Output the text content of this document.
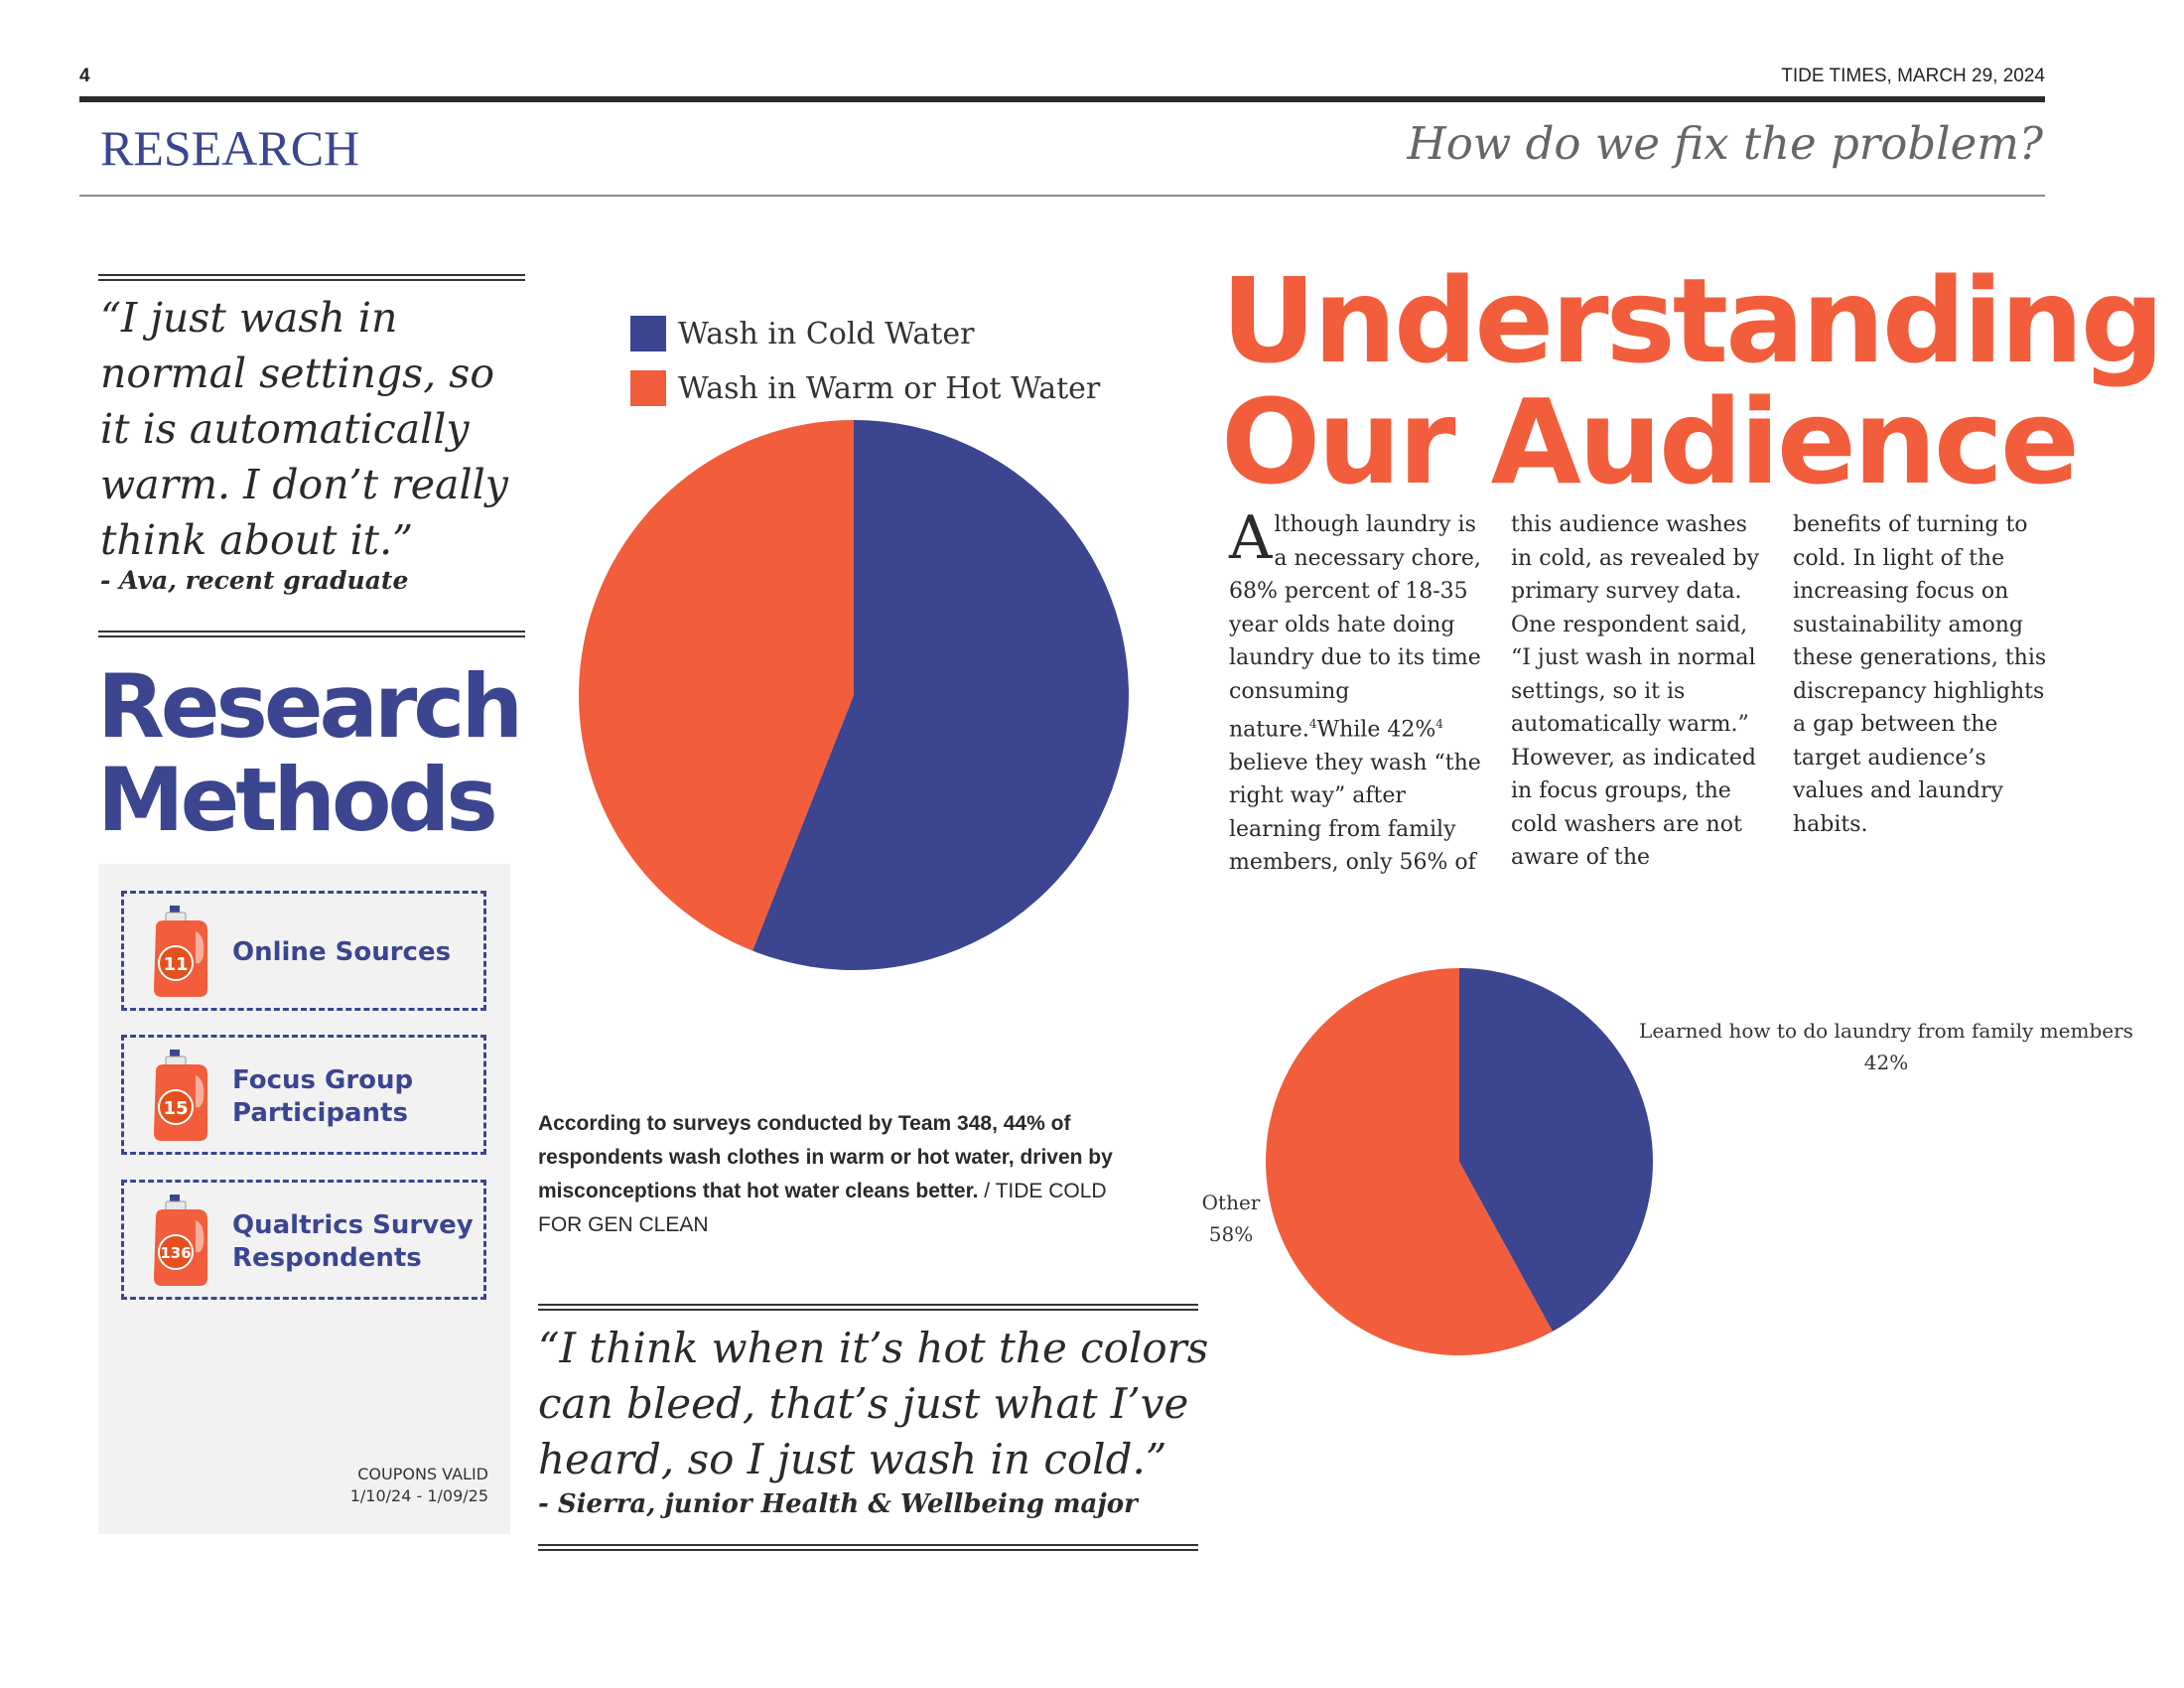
4	TIDE TIMES, MARCH 29, 2024
RESEARCH	How do we fix the problem?
“I just wash in normal settings, so it is automatically warm. I don’t really think about it.”
- Ava, recent graduate
Research
Methods
11 Online Sources
15
Focus Group
Participants
136
Qualtrics Survey
Respondents
COUPONS VALID
1/10/24 - 1/09/25
Wash in Cold Water
Wash in Warm or Hot Water
According to surveys conducted by Team 348, 44% of respondents wash clothes in warm or hot water, driven by misconceptions that hot water cleans better. / TIDE COLD FOR GEN CLEAN
“I think when it’s hot the colors can bleed, that’s just what I’ve heard, so I just wash in cold.”
- Sierra, junior Health & Wellbeing major
Understanding
Our Audience
Although laundry is a necessary chore, 68% percent of 18-35 year olds hate doing laundry due to its time consuming nature.$^4$While 42%$^4$ believe they wash “the right way” after learning from family members, only 56% of
this audience washes in cold, as revealed by primary survey data. One respondent said, “I just wash in normal settings, so it is automatically warm.” However, as indicated in focus groups, the cold washers are not aware of the
benefits of turning to cold. In light of the increasing focus on sustainability among these generations, this discrepancy highlights a gap between the target audience’s values and laundry habits.
Learned how to do laundry from family members
42%
Other
58%
